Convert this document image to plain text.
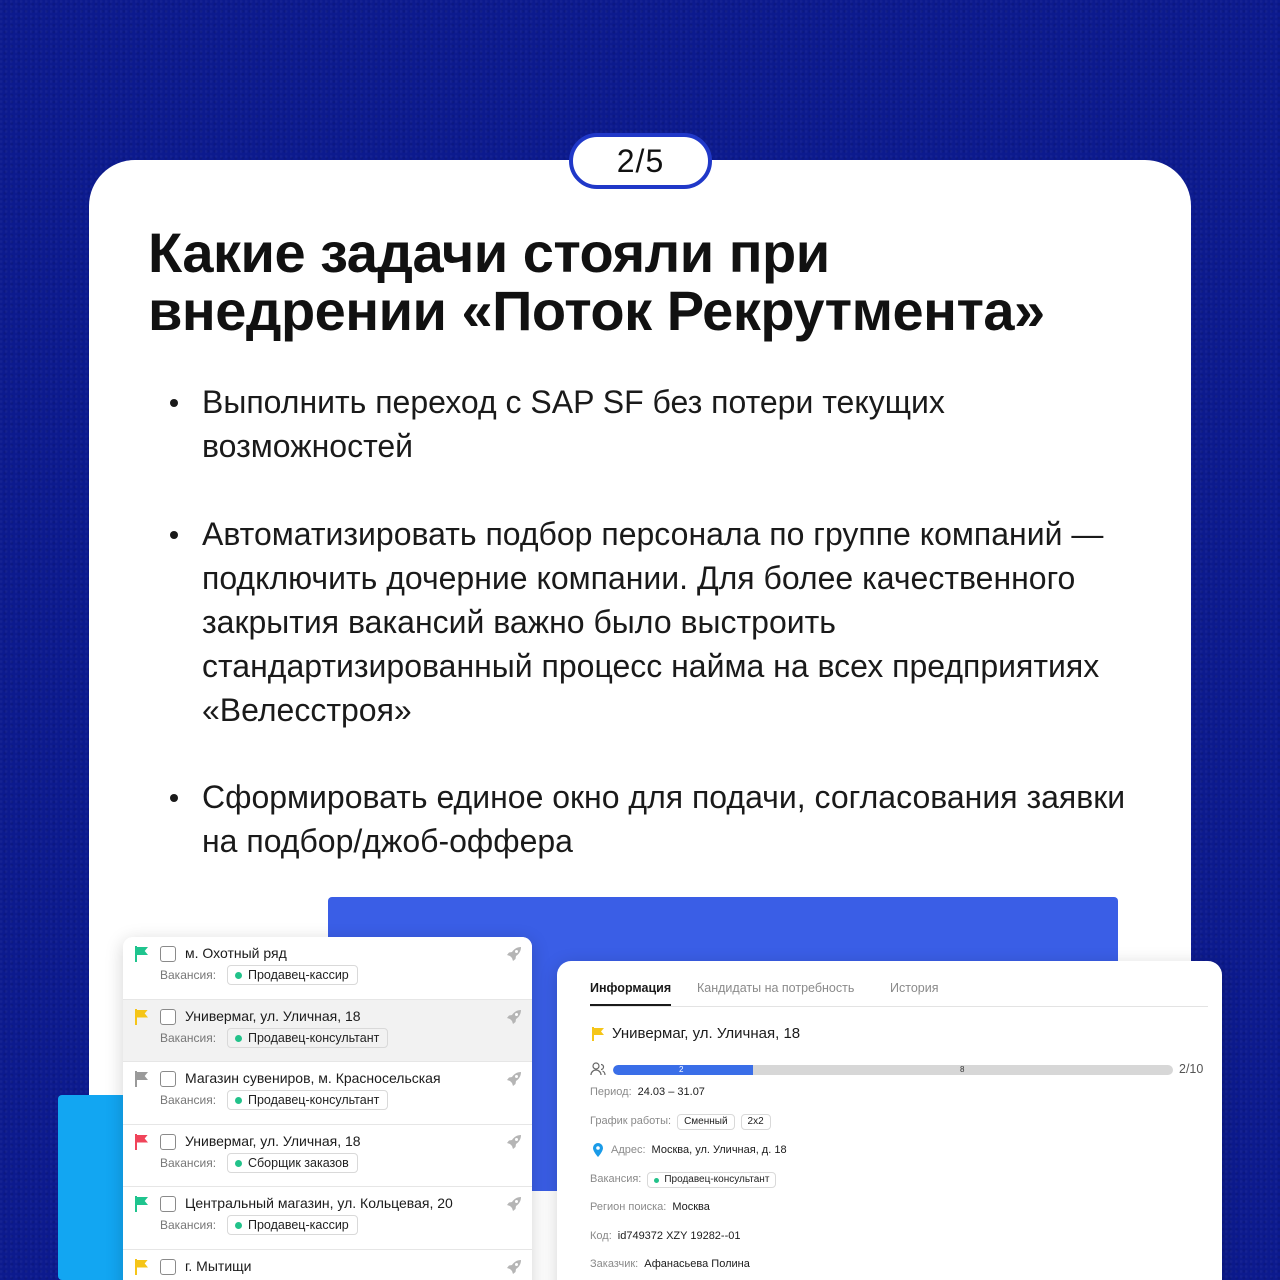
2/5
Какие задачи стояли при
внедрении «Поток Рекрутмента»
Выполнить переход с SAP SF без потери текущих возможностей
Автоматизировать подбор персонала по группе компаний — подключить дочерние компании. Для более качественного закрытия вакансий важно было выстроить стандартизированный процесс найма на всех предприятиях «Велесстроя»
Сформировать единое окно для подачи, согласования заявки на подбор/джоб-оффера
м. Охотный ряд
Вакансия:	Продавец-кассир
Универмаг, ул. Уличная, 18
Вакансия:	Продавец-консультант
Магазин сувениров, м. Красносельская
Вакансия:	Продавец-консультант
Универмаг, ул. Уличная, 18
Вакансия:	Сборщик заказов
Центральный магазин, ул. Кольцевая, 20
Вакансия:	Продавец-кассир
г. Мытищи
Информация Кандидаты на потребность	История
Универмаг, ул. Уличная, 18
2	8	2/10
Период: 24.03 – 31.07
График работы: Сменный 2x2
Адрес: Москва, ул. Уличная, д. 18
Вакансия: Продавец-консультант
Регион поиска: Москва
Код: id749372 XZY 19282--01
Заказчик: Афанасьева Полина
